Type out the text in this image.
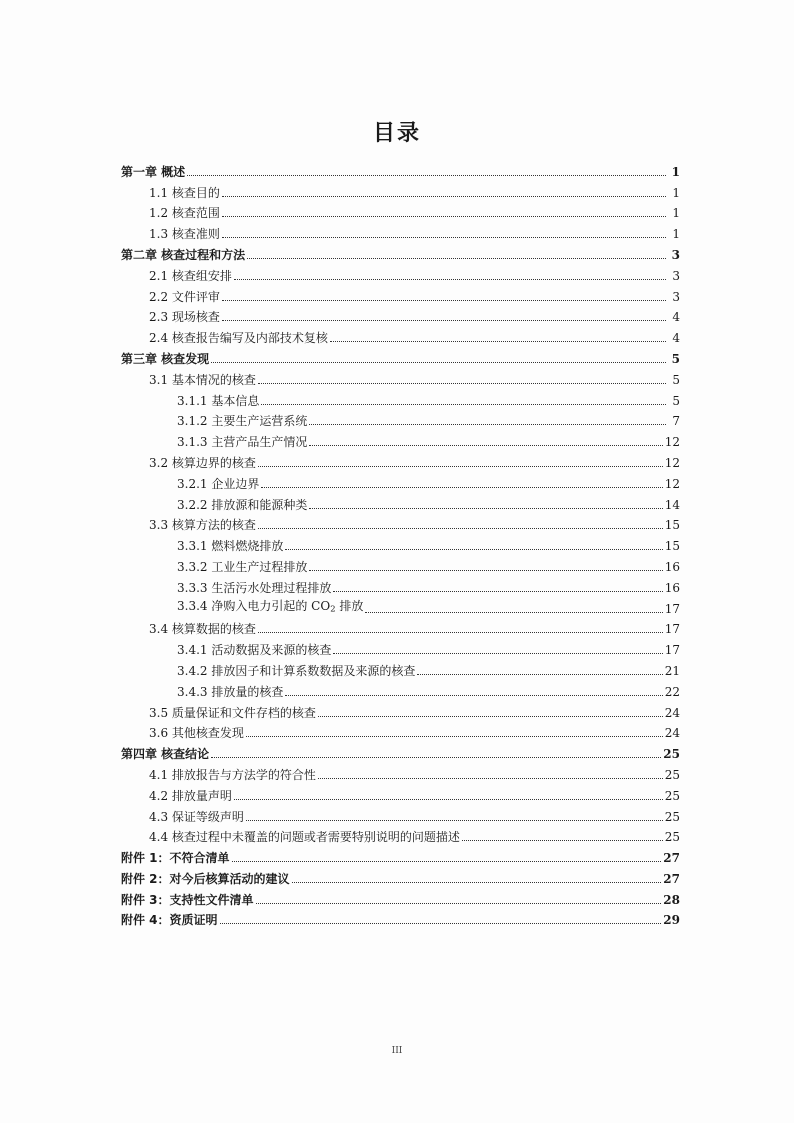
目录
第一章 概述	1
1.1 核查目的	1
1.2 核查范围	1
1.3 核查准则	1
第二章 核查过程和方法	3
2.1 核查组安排	3
2.2 文件评审	3
2.3 现场核查	4
2.4 核查报告编写及内部技术复核	4
第三章 核查发现	5
3.1 基本情况的核查	5
3.1.1 基本信息	5
3.1.2 主要生产运营系统	7
3.1.3 主营产品生产情况	12
3.2 核算边界的核查	12
3.2.1 企业边界	12
3.2.2 排放源和能源种类	14
3.3 核算方法的核查	15
3.3.1 燃料燃烧排放	15
3.3.2 工业生产过程排放	16
3.3.3 生活污水处理过程排放	16
3.3.4 净购入电力引起的 $CO_2$ 排放	17
3.4 核算数据的核查	17
3.4.1 活动数据及来源的核查	17
3.4.2 排放因子和计算系数数据及来源的核查	21
3.4.3 排放量的核查	22
3.5 质量保证和文件存档的核查	24
3.6 其他核查发现	24
第四章 核查结论	25
4.1 排放报告与方法学的符合性	25
4.2 排放量声明	25
4.3 保证等级声明	25
4.4 核查过程中未覆盖的问题或者需要特别说明的问题描述	25
附件 1：不符合清单	27
附件 2：对今后核算活动的建议	27
附件 3：支持性文件清单	28
附件 4：资质证明	29
III
